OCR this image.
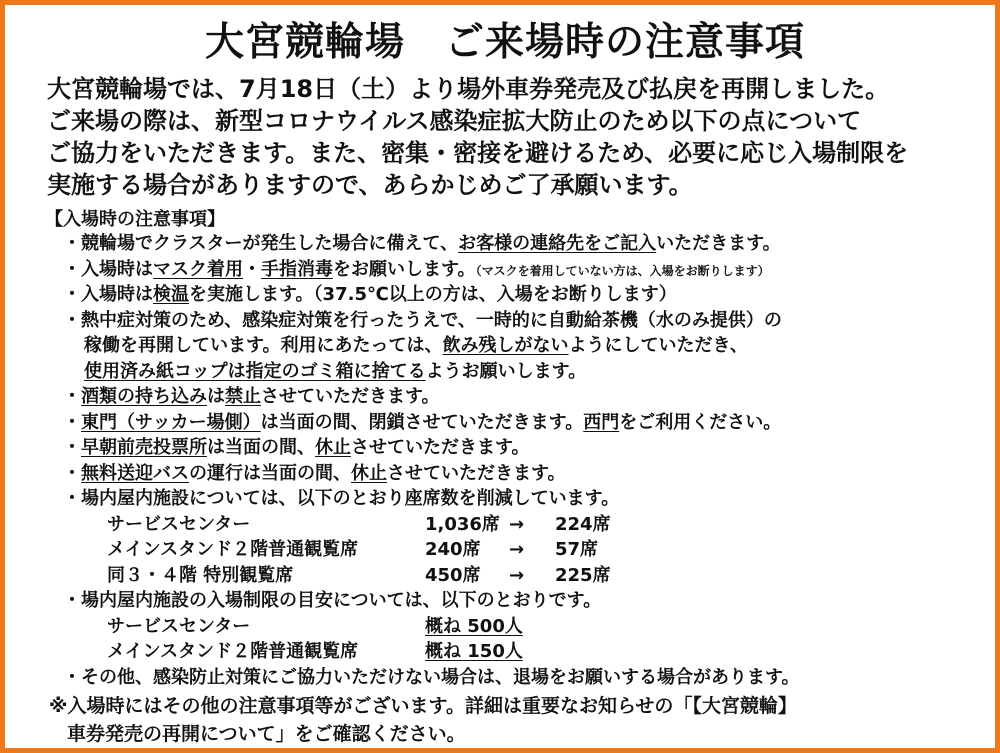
大宮競輪場　ご来場時の注意事項
大宮競輪場では、7月18日（土）より場外車券発売及び払戻を再開しました。
ご来場の際は、新型コロナウイルス感染症拡大防止のため以下の点について
ご協力をいただきます。また、密集・密接を避けるため、必要に応じ入場制限を
実施する場合がありますので、あらかじめご了承願います。
【入場時の注意事項】
・競輪場でクラスターが発生した場合に備えて、お客様の連絡先をご記入いただきます。
・入場時はマスク着用・手指消毒をお願いします。（マスクを着用していない方は、入場をお断りします）
・入場時は検温を実施します。（37.5℃以上の方は、入場をお断りします）
・熱中症対策のため、感染症対策を行ったうえで、一時的に自動給茶機（水のみ提供）の
稼働を再開しています。利用にあたっては、飲み残しがないようにしていただき、
使用済み紙コップは指定のゴミ箱に捨てるようお願いします。
・酒類の持ち込みは禁止させていただきます。
・東門（サッカー場側）は当面の間、閉鎖させていただきます。西門をご利用ください。
・早朝前売投票所は当面の間、休止させていただきます。
・無料送迎バスの運行は当面の間、休止させていただきます。
・場内屋内施設については、以下のとおり座席数を削減しています。
サービスセンター	1,036席 → 224席
メインスタンド２階普通観覧席	240席 → 57席
同３・４階 特別観覧席	450席 → 225席
・場内屋内施設の入場制限の目安については、以下のとおりです。
サービスセンター	概ね 500人
メインスタンド２階普通観覧席	概ね 150人
・その他、感染防止対策にご協力いただけない場合は、退場をお願いする場合があります。
※入場時にはその他の注意事項等がございます。詳細は重要なお知らせの「【大宮競輪】
車券発売の再開について」をご確認ください。
